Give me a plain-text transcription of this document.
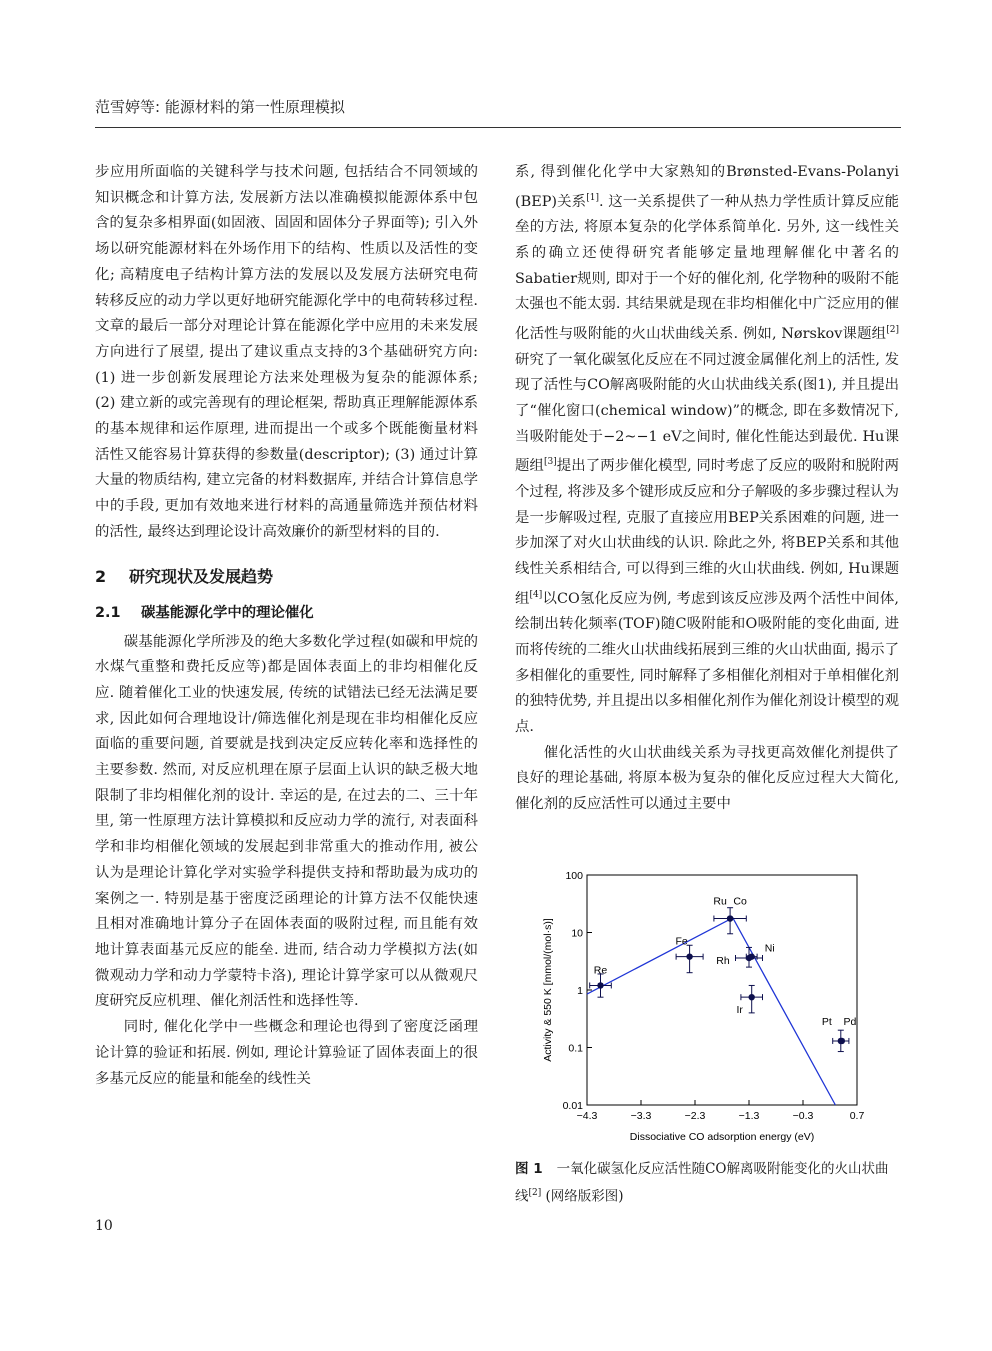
范雪婷等: 能源材料的第一性原理模拟

步应用所面临的关键科学与技术问题, 包括结合不同领域的知识概念和计算方法, 发展新方法以准确模拟能源体系中包含的复杂多相界面(如固液、固固和固体分子界面等); 引入外场以研究能源材料在外场作用下的结构、性质以及活性的变化; 高精度电子结构计算方法的发展以及发展方法研究电荷转移反应的动力学以更好地研究能源化学中的电荷转移过程. 文章的最后一部分对理论计算在能源化学中应用的未来发展方向进行了展望, 提出了建议重点支持的3个基础研究方向: (1) 进一步创新发展理论方法来处理极为复杂的能源体系; (2) 建立新的或完善现有的理论框架, 帮助真正理解能源体系的基本规律和运作原理, 进而提出一个或多个既能衡量材料活性又能容易计算获得的参数量(descriptor); (3) 通过计算大量的物质结构, 建立完备的材料数据库, 并结合计算信息学中的手段, 更加有效地来进行材料的高通量筛选并预估材料的活性, 最终达到理论设计高效廉价的新型材料的目的.

2 研究现状及发展趋势
2.1 碳基能源化学中的理论催化

碳基能源化学所涉及的绝大多数化学过程(如碳和甲烷的水煤气重整和费托反应等)都是固体表面上的非均相催化反应. 随着催化工业的快速发展, 传统的试错法已经无法满足要求, 因此如何合理地设计/筛选催化剂是现在非均相催化反应面临的重要问题, 首要就是找到决定反应转化率和选择性的主要参数. 然而, 对反应机理在原子层面上认识的缺乏极大地限制了非均相催化剂的设计. 幸运的是, 在过去的二、三十年里, 第一性原理方法计算模拟和反应动力学的流行, 对表面科学和非均相催化领域的发展起到非常重大的推动作用, 被公认为是理论计算化学对实验学科提供支持和帮助最为成功的案例之一. 特别是基于密度泛函理论的计算方法不仅能快速且相对准确地计算分子在固体表面的吸附过程, 而且能有效地计算表面基元反应的能垒. 进而, 结合动力学模拟方法(如微观动力学和动力学蒙特卡洛), 理论计算学家可以从微观尺度研究反应机理、催化剂活性和选择性等.

同时, 催化化学中一些概念和理论也得到了密度泛函理论计算的验证和拓展. 例如, 理论计算验证了固体表面上的很多基元反应的能量和能垒的线性关

系, 得到催化化学中大家熟知的Brønsted-Evans-Polanyi (BEP)关系[1]. 这一关系提供了一种从热力学性质计算反应能垒的方法, 将原本复杂的化学体系简单化. 另外, 这一线性关系的确立还使得研究者能够定量地理解催化中著名的Sabatier规则, 即对于一个好的催化剂, 化学物种的吸附不能太强也不能太弱. 其结果就是现在非均相催化中广泛应用的催化活性与吸附能的火山状曲线关系. 例如, Nørskov课题组[2]研究了一氧化碳氢化反应在不同过渡金属催化剂上的活性, 发现了活性与CO解离吸附能的火山状曲线关系(图1), 并且提出了“催化窗口(chemical window)”的概念, 即在多数情况下, 当吸附能处于−2~−1 eV之间时, 催化性能达到最优. Hu课题组[3]提出了两步催化模型, 同时考虑了反应的吸附和脱附两个过程, 将涉及多个键形成反应和分子解吸的多步骤过程认为是一步解吸过程, 克服了直接应用BEP关系困难的问题, 进一步加深了对火山状曲线的认识. 除此之外, 将BEP关系和其他线性关系相结合, 可以得到三维的火山状曲线. 例如, Hu课题组[4]以CO氢化反应为例, 考虑到该反应涉及两个活性中间体, 绘制出转化频率(TOF)随C吸附能和O吸附能的变化曲面, 进而将传统的二维火山状曲线拓展到三维的火山状曲面, 揭示了多相催化的重要性, 同时解释了多相催化剂相对于单相催化剂的独特优势, 并且提出以多相催化剂作为催化剂设计模型的观点.

催化活性的火山状曲线关系为寻找更高效催化剂提供了良好的理论基础, 将原本极为复杂的催化反应过程大大简化, 催化剂的反应活性可以通过主要中

−4.3	−3.3	−2.3	−1.3	−0.3	0.7
0.01
0.1
1
10
100
Re
Fe
Ru Co
Rh
Ni
Ir
Pt Pd
Dissociative CO adsorption energy (eV)
Activity & 550 K [mmol/(mol·s)]
图 1 一氧化碳氢化反应活性随CO解离吸附能变化的火山状曲线[2] (网络版彩图)
10
